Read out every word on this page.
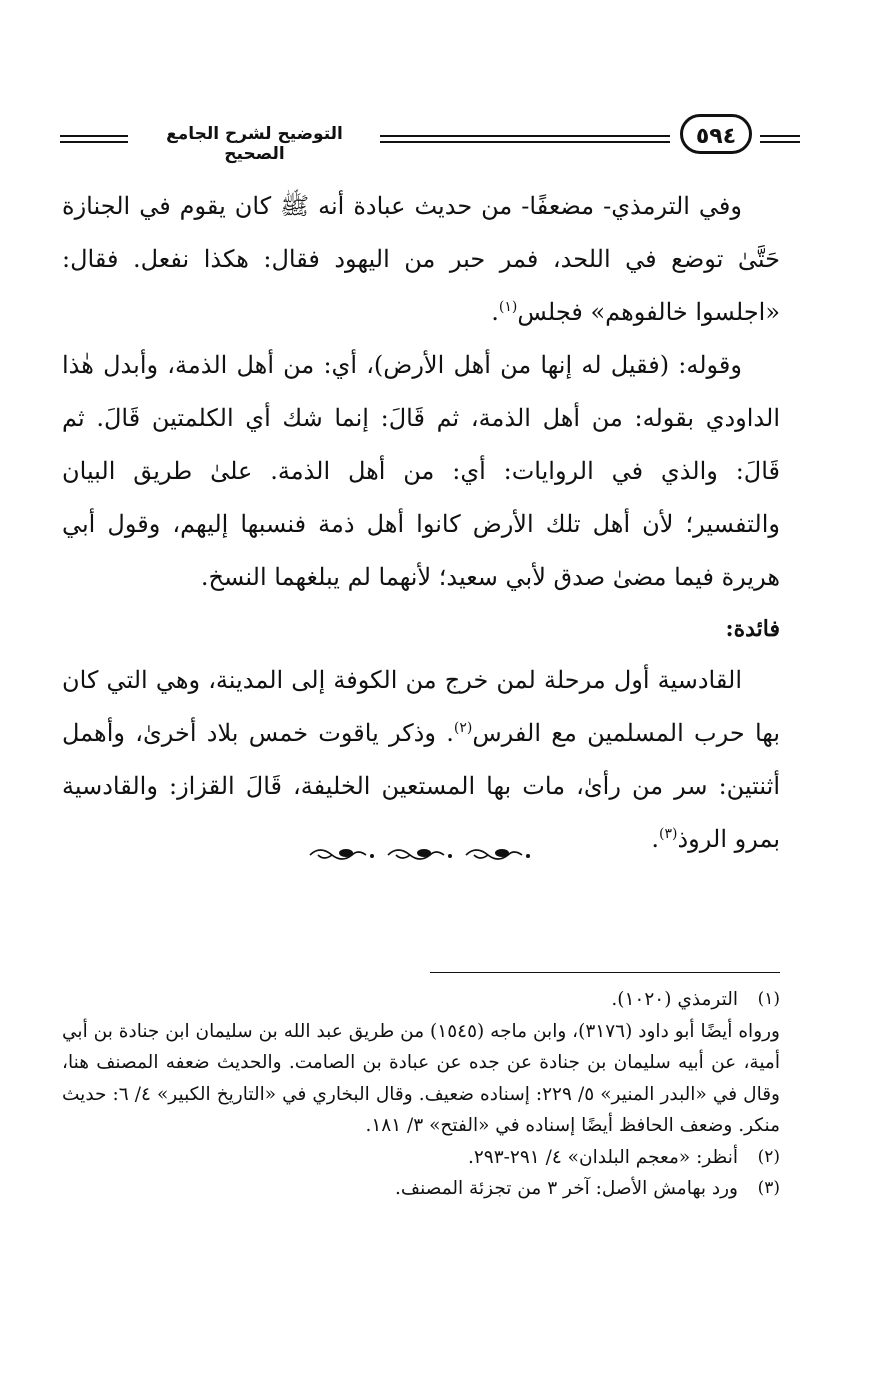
التوضيح لشرح الجامع الصحيح
٥٩٤

وفي الترمذي- مضعفًا- من حديث عبادة أنه ﷺ كان يقوم في الجنازة حَتَّىٰ توضع في اللحد، فمر حبر من اليهود فقال: هكذا نفعل. فقال: «اجلسوا خالفوهم» فجلس$^{(١)}$.

وقوله: (فقيل له إنها من أهل الأرض)، أي: من أهل الذمة، وأبدل هٰذا الداودي بقوله: من أهل الذمة، ثم قَالَ: إنما شك أي الكلمتين قَالَ. ثم قَالَ: والذي في الروايات: أي: من أهل الذمة. علىٰ طريق البيان والتفسير؛ لأن أهل تلك الأرض كانوا أهل ذمة فنسبها إليهم، وقول أبي هريرة فيما مضىٰ صدق لأبي سعيد؛ لأنهما لم يبلغهما النسخ.

فائدة:

القادسية أول مرحلة لمن خرج من الكوفة إلى المدينة، وهي التي كان بها حرب المسلمين مع الفرس$^{(٢)}$. وذكر ياقوت خمس بلاد أخرىٰ، وأهمل أثنتين: سر من رأىٰ، مات بها المستعين الخليفة، قَالَ القزاز: والقادسية بمرو الروذ$^{(٣)}$.

(١)

الترمذي (١٠٢٠).

ورواه أيضًا أبو داود (٣١٧٦)، وابن ماجه (١٥٤٥) من طريق عبد الله بن سليمان ابن جنادة بن أبي أمية، عن أبيه سليمان بن جنادة عن جده عن عبادة بن الصامت. والحديث ضعفه المصنف هنا، وقال في «البدر المنير» ٥/ ٢٢٩: إسناده ضعيف. وقال البخاري في «التاريخ الكبير» ٤/ ٦: حديث منكر. وضعف الحافظ أيضًا إسناده في «الفتح» ٣/ ١٨١.

(٢)

أنظر: «معجم البلدان» ٤/ ٢٩١-٢٩٣.

(٣)

ورد بهامش الأصل: آخر ٣ من تجزئة المصنف.
